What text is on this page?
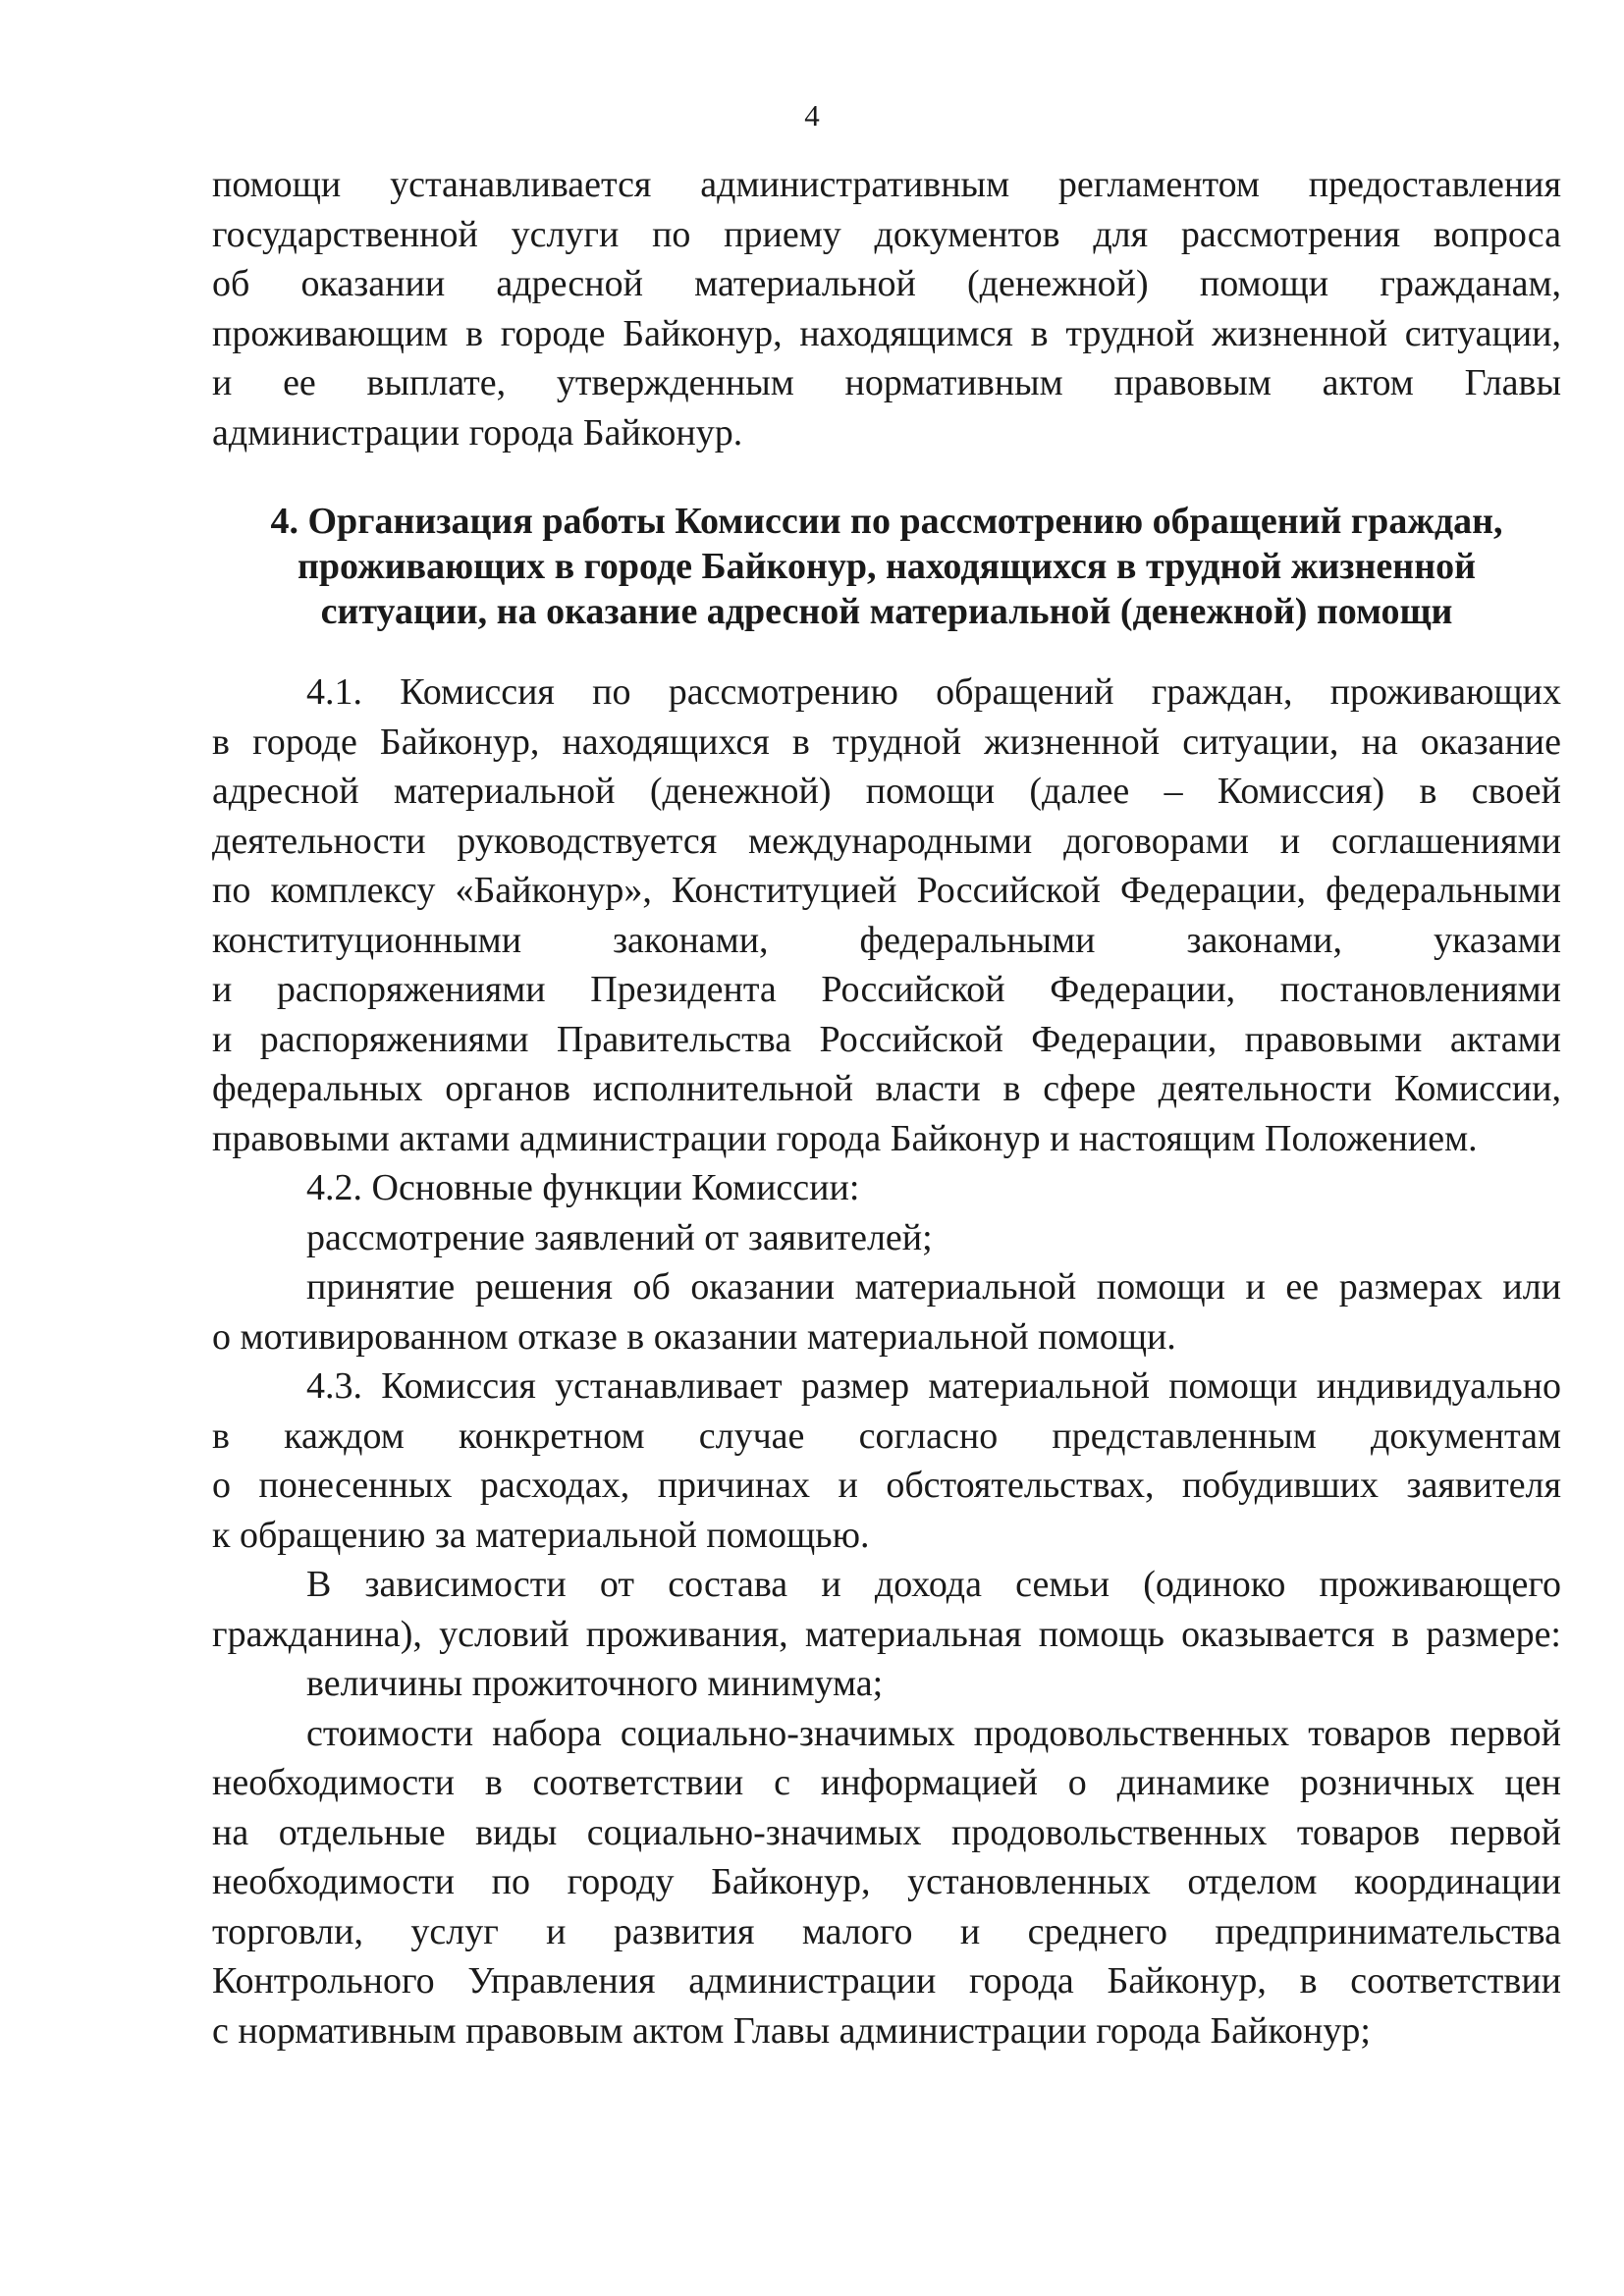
4
помощи устанавливается административным регламентом предоставления
государственной услуги по приему документов для рассмотрения вопроса
об оказании адресной материальной (денежной) помощи гражданам,
проживающим в городе Байконур, находящимся в трудной жизненной ситуации,
и ее выплате, утвержденным нормативным правовым актом Главы
администрации города Байконур.
4. Организация работы Комиссии по рассмотрению обращений граждан,
проживающих в городе Байконур, находящихся в трудной жизненной
ситуации, на оказание адресной материальной (денежной) помощи
4.1. Комиссия по рассмотрению обращений граждан, проживающих
в городе Байконур, находящихся в трудной жизненной ситуации, на оказание
адресной материальной (денежной) помощи (далее – Комиссия) в своей
деятельности руководствуется международными договорами и соглашениями
по комплексу «Байконур», Конституцией Российской Федерации, федеральными
конституционными законами, федеральными законами, указами
и распоряжениями Президента Российской Федерации, постановлениями
и распоряжениями Правительства Российской Федерации, правовыми актами
федеральных органов исполнительной власти в сфере деятельности Комиссии,
правовыми актами администрации города Байконур и настоящим Положением.
4.2. Основные функции Комиссии:
рассмотрение заявлений от заявителей;
принятие решения об оказании материальной помощи и ее размерах или
о мотивированном отказе в оказании материальной помощи.
4.3. Комиссия устанавливает размер материальной помощи индивидуально
в каждом конкретном случае согласно представленным документам
о понесенных расходах, причинах и обстоятельствах, побудивших заявителя
к обращению за материальной помощью.
В зависимости от состава и дохода семьи (одиноко проживающего
гражданина), условий проживания, материальная помощь оказывается в размере:
величины прожиточного минимума;
стоимости набора социально-значимых продовольственных товаров первой
необходимости в соответствии с информацией о динамике розничных цен
на отдельные виды социально-значимых продовольственных товаров первой
необходимости по городу Байконур, установленных отделом координации
торговли, услуг и развития малого и среднего предпринимательства
Контрольного Управления администрации города Байконур, в соответствии
с нормативным правовым актом Главы администрации города Байконур;
